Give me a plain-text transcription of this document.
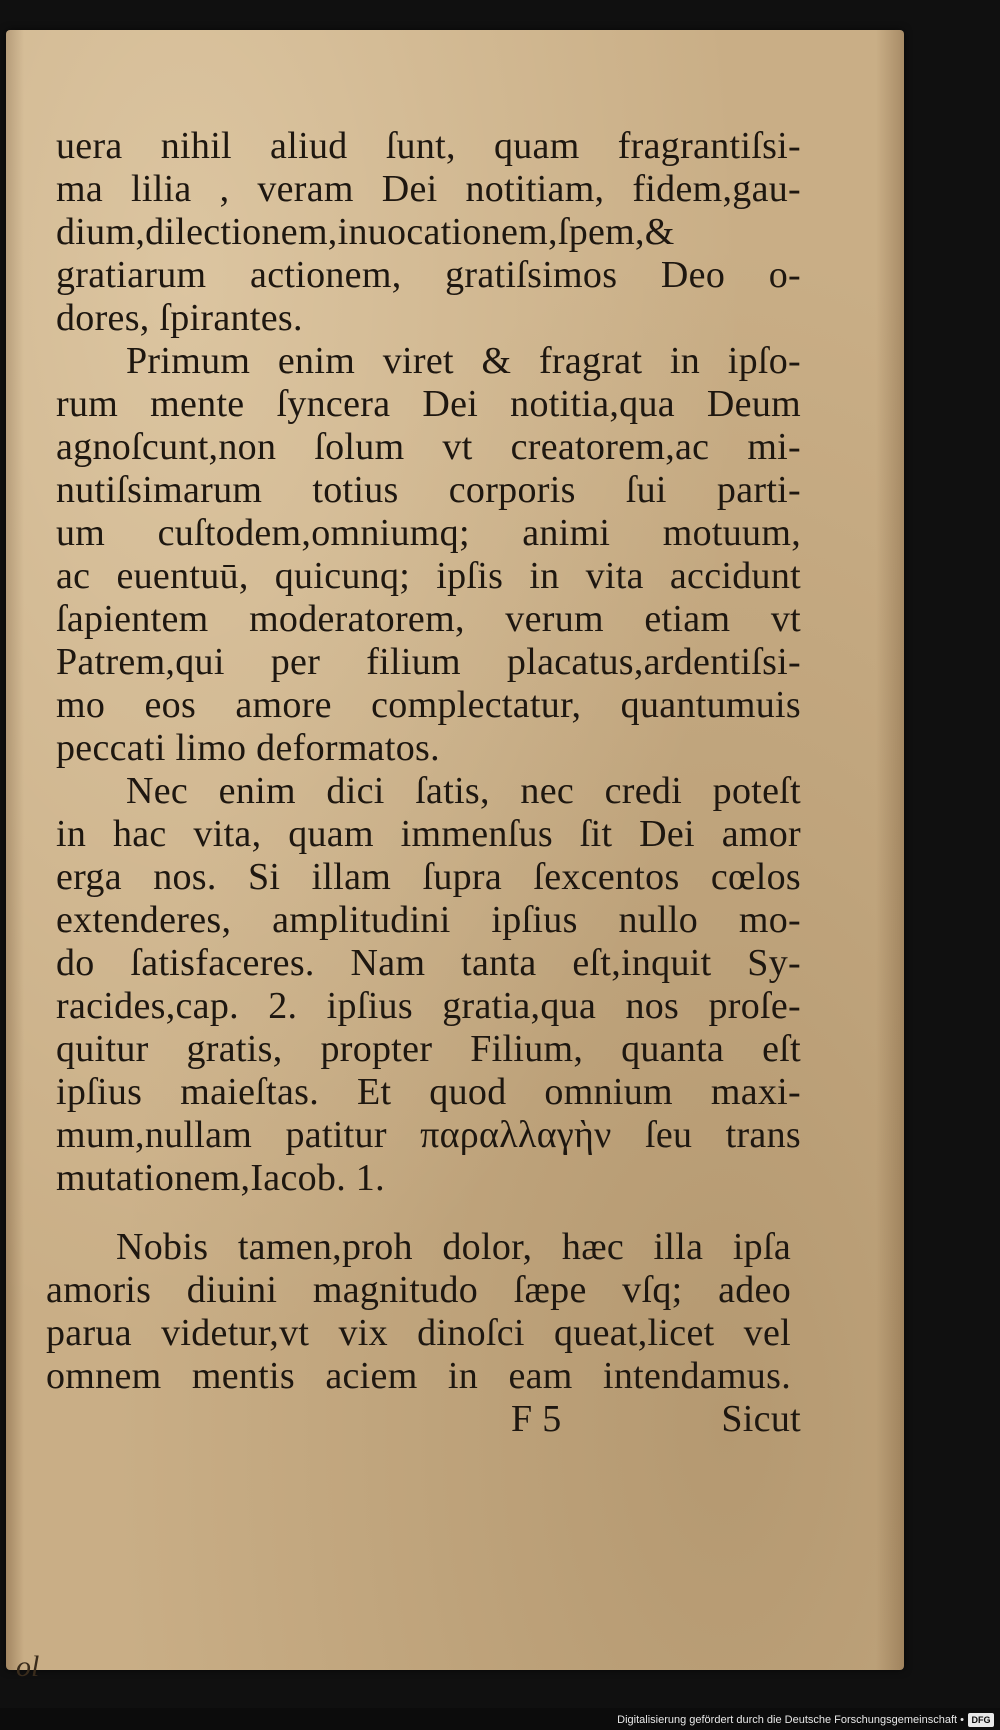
uera nihil aliud ſunt, quam fragrantiſsi-
ma lilia , veram Dei notitiam, fidem,gau-
dium,dilectionem,inuocationem,ſpem,&
gratiarum actionem, gratiſsimos Deo o-
dores, ſpirantes.
Primum enim viret & fragrat in ipſo-
rum mente ſyncera Dei notitia,qua Deum
agnoſcunt,non ſolum vt creatorem,ac mi-
nutiſsimarum totius corporis ſui parti-
um cuſtodem,omniumq; animi motuum,
ac euentuū, quicunq; ipſis in vita accidunt
ſapientem moderatorem, verum etiam vt
Patrem,qui per filium placatus,ardentiſsi-
mo eos amore complectatur, quantumuis
peccati limo deformatos.
Nec enim dici ſatis, nec credi poteſt
in hac vita, quam immenſus ſit Dei amor
erga nos. Si illam ſupra ſexcentos cœlos
extenderes, amplitudini ipſius nullo mo-
do ſatisfaceres. Nam tanta eſt,inquit Sy-
racides,cap. 2. ipſius gratia,qua nos proſe-
quitur gratis, propter Filium, quanta eſt
ipſius maieſtas. Et quod omnium maxi-
mum,nullam patitur παραλλαγὴν ſeu trans
mutationem,Iacob. 1.
Nobis tamen,proh dolor, hæc illa ipſa
amoris diuini magnitudo ſæpe vſq; adeo
parua videtur,vt vix dinoſci queat,licet vel
omnem mentis aciem in eam intendamus.
F 5	Sicut
ol
Digitalisierung gefördert durch die Deutsche Forschungsgemeinschaft • DFG
